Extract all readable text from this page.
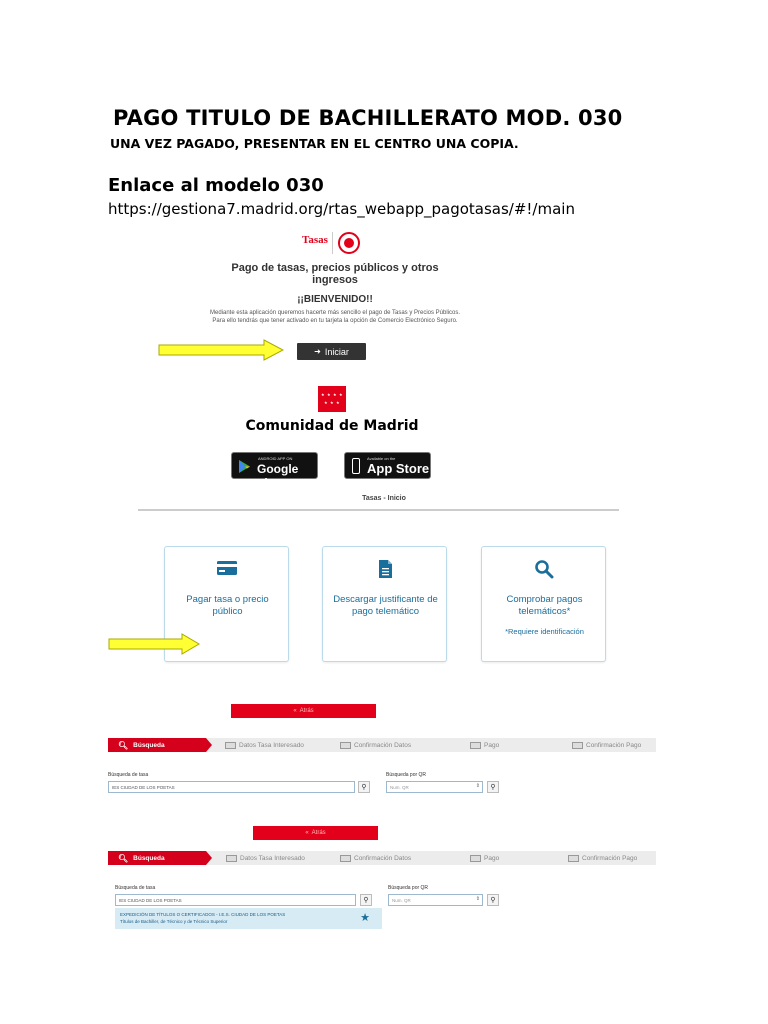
PAGO TITULO DE BACHILLERATO MOD. 030
UNA VEZ PAGADO, PRESENTAR EN EL CENTRO UNA COPIA.
Enlace al modelo 030
https://gestiona7.madrid.org/rtas_webapp_pagotasas/#!/main
Tasas
Pago de tasas, precios públicos y otros ingresos
¡¡BIENVENIDO!!
Mediante esta aplicación queremos hacerte más sencillo el pago de Tasas y Precios Públicos. Para ello tendrás que tener activado en tu tarjeta la opción de Comercio Electrónico Seguro.
➜ Iniciar
★ ★ ★ ★
★ ★ ★
Comunidad de Madrid
ANDROID APP ON
Google play
Available on the
App Store
Tasas - Inicio
Pagar tasa o precio público
Descargar justificante de pago telemático
Comprobar pagos telemáticos*
*Requiere identificación
« Atrás
🔍︎ Búsqueda	Datos Tasa Interesado	Confirmación Datos	Pago	Confirmación Pago
Búsqueda de tasa
IES CIUDAD DE LOS POETAS	⚲
Búsqueda por QR
Num. QR	⇕ ⚲
« Atrás
🔍︎ Búsqueda	Datos Tasa Interesado	Confirmación Datos	Pago	Confirmación Pago
Búsqueda de tasa
IES CIUDAD DE LOS POETAS	⚲
Búsqueda por QR
Num. QR	⇕ ⚲
EXPEDICIÓN DE TÍTULOS O CERTIFICADOS - I.E.S. CIUDAD DE LOS POETAS
Títulos de Bachiller, de Técnico y de Técnico Superior	★
